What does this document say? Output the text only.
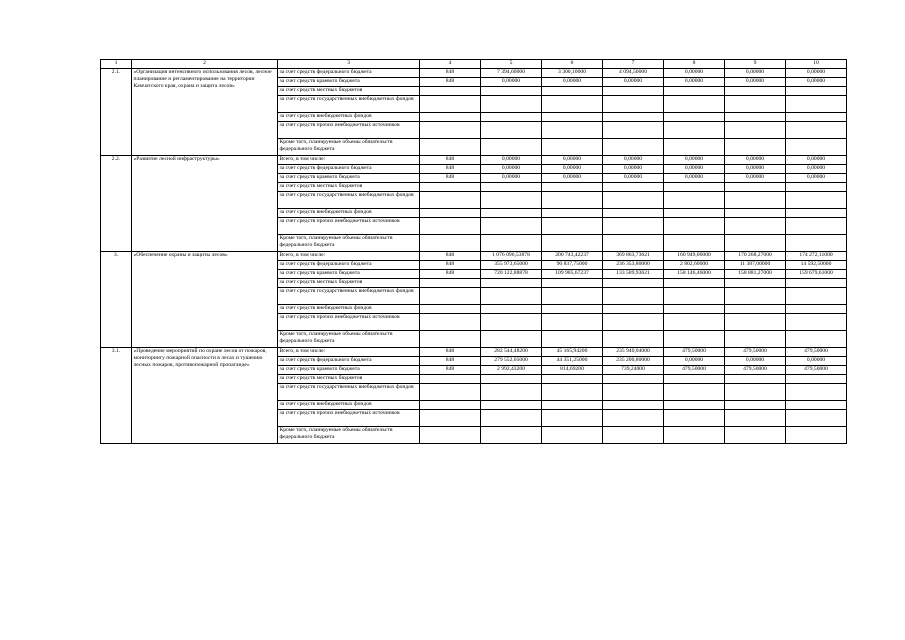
1	2	3	4	5	6	7	8	9	10
2.1.	«Организация интенсивного использования лесов, лесное планирование и регламентирование на территории Камчатского края, охрана и защита лесов»	за счет средств федерального бюджета	848	7 394,60000	3 300,10000	4 094,50000	0,00000	0,00000	0,00000
		за счет средств краевого бюджета	848	0,00000	0,00000	0,00000	0,00000	0,00000	0,00000
		за счет средств местных бюджетов							
		за счет средств государственных внебюджетных фондов							
		за счет средств внебюджетных фондов							
		за счет средств прочих внебюджетных источников							
		Кроме того, планируемые объемы обязательств федерального бюджета							
2.2.	«Развитие лесной инфраструктуры»	Всего, в том числе:	848	0,00000	0,00000	0,00000	0,00000	0,00000	0,00000
		за счет средств федерального бюджета	848	0,00000	0,00000	0,00000	0,00000	0,00000	0,00000
		за счет средств краевого бюджета	848	0,00000	0,00000	0,00000	0,00000	0,00000	0,00000
		за счет средств местных бюджетов							
		за счет средств государственных внебюджетных фондов							
		за счет средств внебюджетных фондов							
		за счет средств прочих внебюджетных источников							
		Кроме того, планируемые объемы обязательств федерального бюджета							
3.	«Обеспечение охраны и защиты лесов»	Всего, в том числе:	848	1 076 096,53878	200 743,42237	369 863,73621	160 949,06000	170 268,27000	174 272,11000
		за счет средств федерального бюджета	848	355 973,65000	90 837,75000	236 353,80000	2 802,60000	11 387,00000	14 592,50000
		за счет средств краевого бюджета	848	720 122,88878	109 905,67237	133 509,93621	158 146,46000	158 881,27000	159 679,61000
		за счет средств местных бюджетов							
		за счет средств государственных внебюджетных фондов							
		за счет средств внебюджетных фондов							
		за счет средств прочих внебюджетных источников							
		Кроме того, планируемые объемы обязательств федерального бюджета							
3.1.	«Проведение мероприятий по охране лесов от пожаров, мониторингу пожарной опасности в лесах и тушению лесных пожаров, противопожарной пропаганде»	Всего, в том числе:	848	282 544,48200	45 165,94200	235 940,04000	479,50000	479,50000	479,50000
		за счет средств федерального бюджета	848	279 552,05000	44 351,25000	235 200,80000	0,00000	0,00000	0,00000
		за счет средств краевого бюджета	848	2 992,43200	814,69200	739,24000	479,50000	479,50000	479,50000
		за счет средств местных бюджетов							
		за счет средств государственных внебюджетных фондов							
		за счет средств внебюджетных фондов							
		за счет средств прочих внебюджетных источников							
		Кроме того, планируемые объемы обязательств федерального бюджета							
